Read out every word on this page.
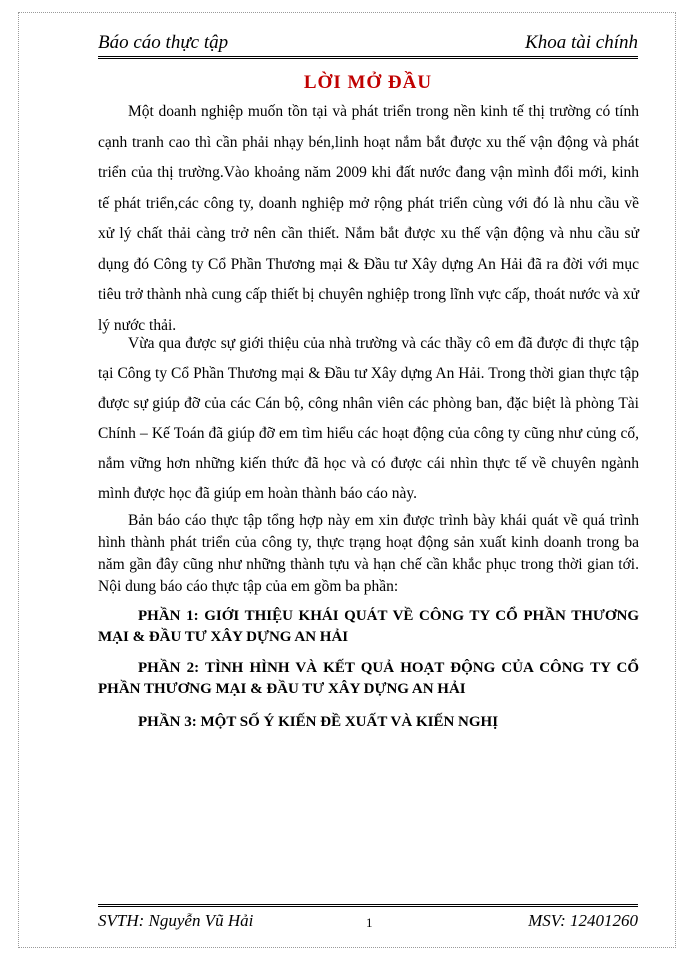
Báo cáo thực tập	Khoa tài chính
LỜI MỞ ĐẦU
Một doanh nghiệp muốn tồn tại và phát triển trong nền kinh tế thị trường có tính cạnh tranh cao thì cần phải nhạy bén,linh hoạt nắm bắt được xu thế vận động và phát triển của thị trường.Vào khoảng năm 2009 khi đất nước đang vận mình đổi mới, kinh tế phát triển,các công ty, doanh nghiệp mở rộng phát triển cùng với đó là nhu cầu về xử lý chất thải càng trở nên cần thiết. Nắm bắt được xu thế vận động và nhu cầu sử dụng đó Công ty Cổ Phần Thương mại & Đầu tư Xây dựng An Hải đã ra đời với mục tiêu trở thành nhà cung cấp thiết bị chuyên nghiệp trong lĩnh vực cấp, thoát nước và xử lý nước thải.
Vừa qua được sự giới thiệu của nhà trường và các thầy cô em đã được đi thực tập tại Công ty Cổ Phần Thương mại & Đầu tư Xây dựng An Hải. Trong thời gian thực tập được sự giúp đỡ của các Cán bộ, công nhân viên các phòng ban, đặc biệt là phòng Tài Chính – Kế Toán đã giúp đỡ em tìm hiểu các hoạt động của công ty cũng như củng cố, nắm vững hơn những kiến thức đã học và có được cái nhìn thực tế về chuyên ngành mình được học đã giúp em hoàn thành báo cáo này.
Bản báo cáo thực tập tổng hợp này em xin được trình bày khái quát về quá trình hình thành phát triển của công ty, thực trạng hoạt động sản xuất kinh doanh trong ba năm gần đây cũng như những thành tựu và hạn chế cần khắc phục trong thời gian tới. Nội dung báo cáo thực tập của em gồm ba phần:
PHẦN 1: GIỚI THIỆU KHÁI QUÁT VỀ CÔNG TY CỔ PHẦN THƯƠNG MẠI & ĐẦU TƯ XÂY DỰNG AN HẢI
PHẦN 2: TÌNH HÌNH VÀ KẾT QUẢ HOẠT ĐỘNG CỦA CÔNG TY CỔ PHẦN THƯƠNG MẠI & ĐẦU TƯ XÂY DỰNG AN HẢI
PHẦN 3: MỘT SỐ Ý KIẾN ĐỀ XUẤT VÀ KIẾN NGHỊ
SVTH: Nguyễn Vũ Hải	1	MSV: 12401260
